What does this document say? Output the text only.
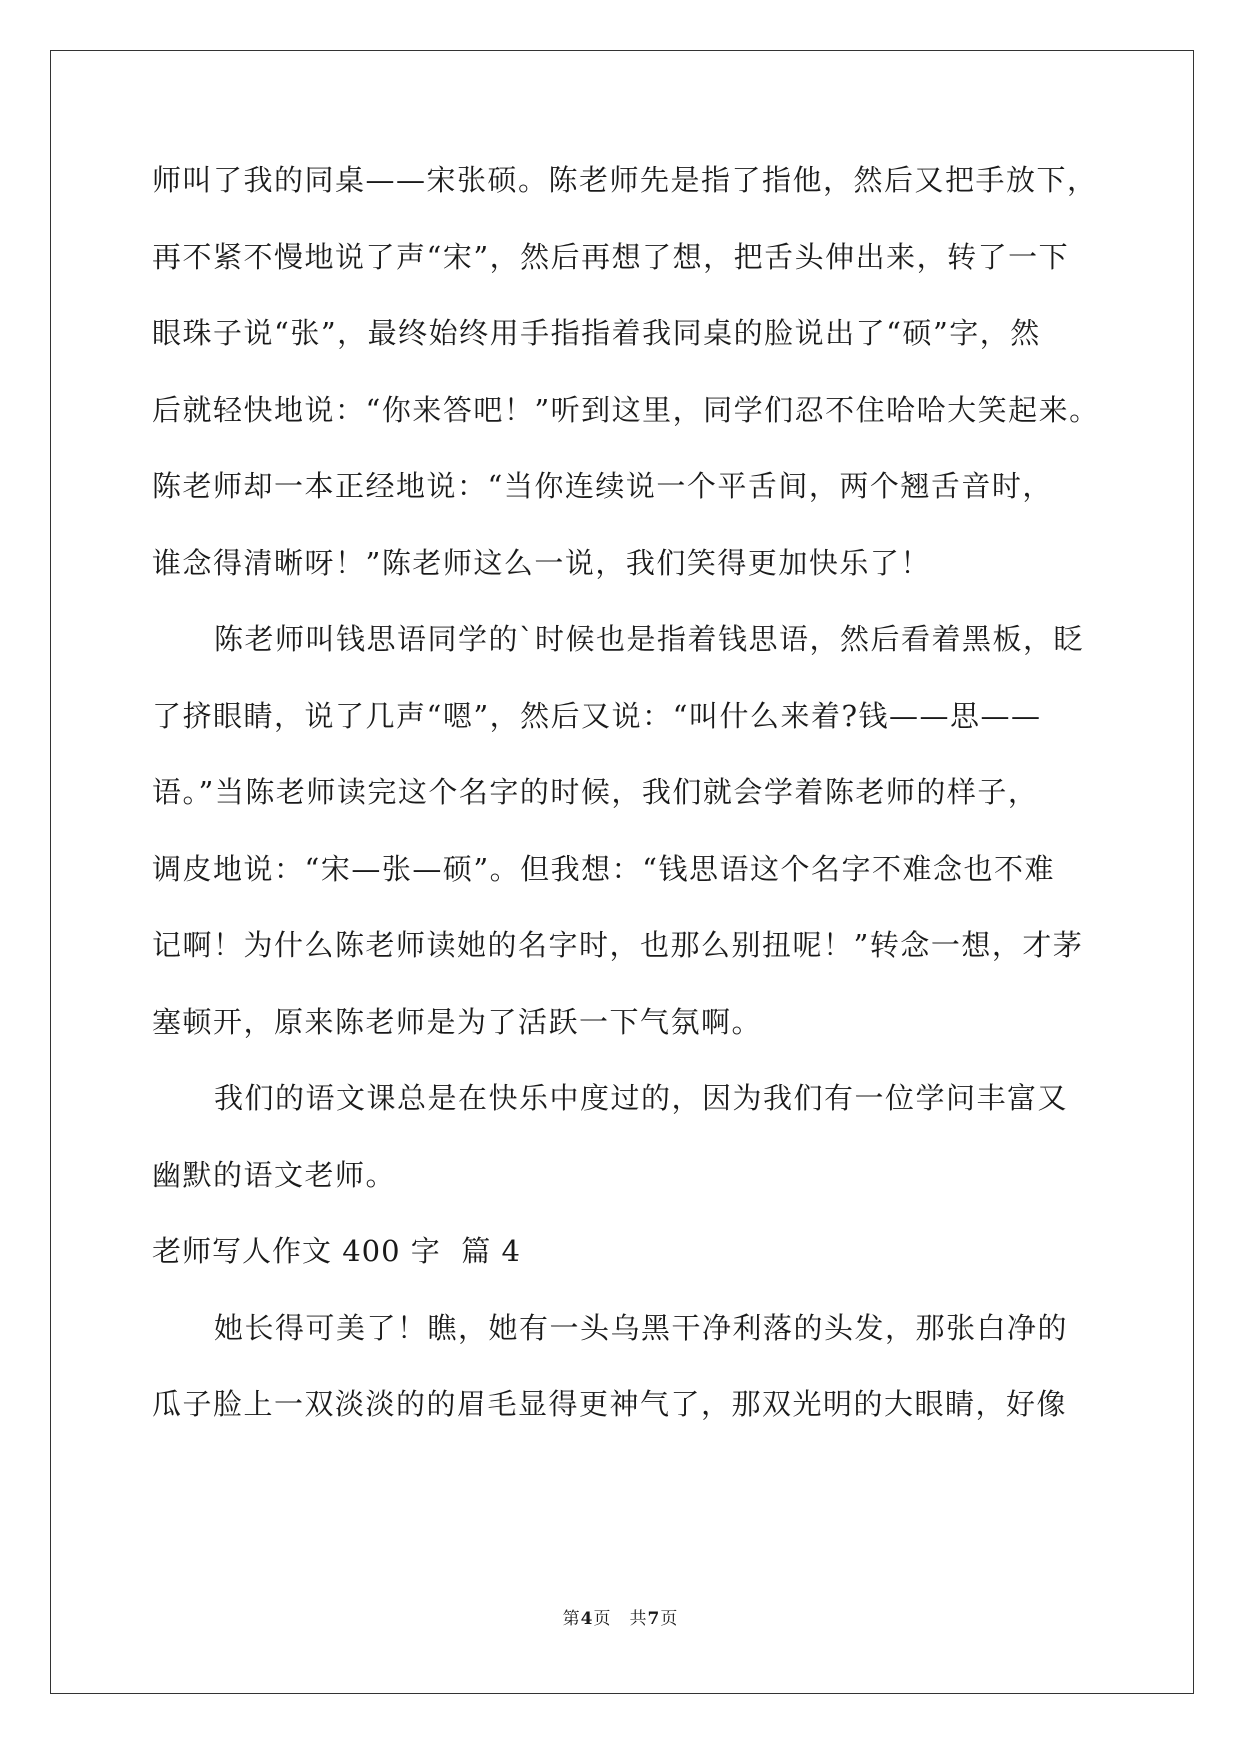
师叫了我的同桌——宋张硕。陈老师先是指了指他，然后又把手放下，
再不紧不慢地说了声“宋”，然后再想了想，把舌头伸出来，转了一下
眼珠子说“张”，最终始终用手指指着我同桌的脸说出了“硕”字，然
后就轻快地说：“你来答吧！”听到这里，同学们忍不住哈哈大笑起来。
陈老师却一本正经地说：“当你连续说一个平舌间，两个翘舌音时，
谁念得清晰呀！”陈老师这么一说，我们笑得更加快乐了！
陈老师叫钱思语同学的`时候也是指着钱思语，然后看着黑板，眨
了挤眼睛，说了几声“嗯”，然后又说：“叫什么来着?钱——思——
语。”当陈老师读完这个名字的时候，我们就会学着陈老师的样子，
调皮地说：“宋—张—硕”。但我想：“钱思语这个名字不难念也不难
记啊！为什么陈老师读她的名字时，也那么别扭呢！”转念一想，才茅
塞顿开，原来陈老师是为了活跃一下气氛啊。
我们的语文课总是在快乐中度过的，因为我们有一位学问丰富又
幽默的语文老师。
老师写人作文 400 字  篇 4
她长得可美了！瞧，她有一头乌黑干净利落的头发，那张白净的
瓜子脸上一双淡淡的的眉毛显得更神气了，那双光明的大眼睛，好像
第4页 共7页
